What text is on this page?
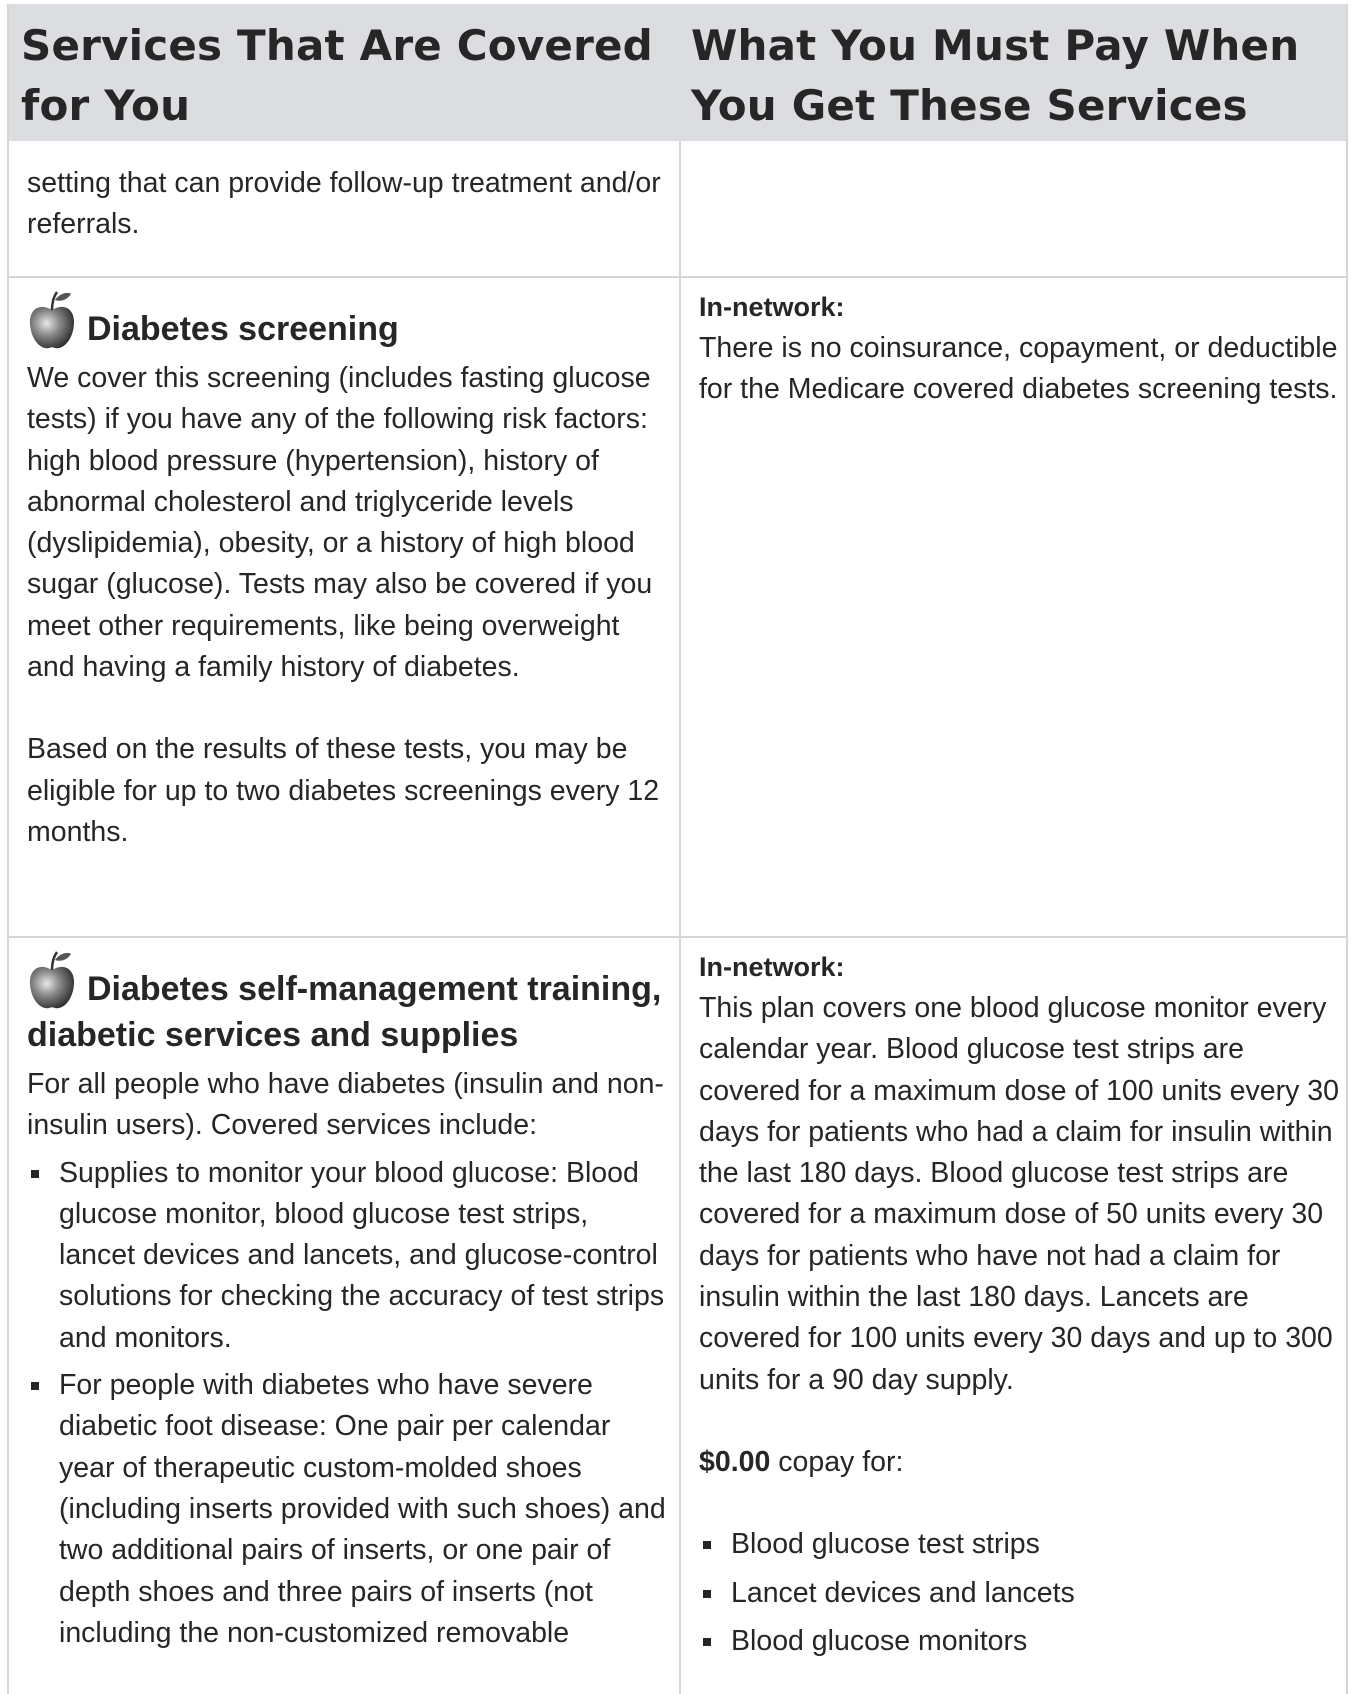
Services That Are Covered for You
What You Must Pay When You Get These Services

setting that can provide follow-up treatment and/or referrals.

Diabetes screening

We cover this screening (includes fasting glucose tests) if you have any of the following risk factors: high blood pressure (hypertension), history of abnormal cholesterol and triglyceride levels (dyslipidemia), obesity, or a history of high blood sugar (glucose). Tests may also be covered if you meet other requirements, like being overweight and having a family history of diabetes.

Based on the results of these tests, you may be eligible for up to two diabetes screenings every 12 months.

In-network:

There is no coinsurance, copayment, or deductible for the Medicare covered diabetes screening tests.

Diabetes self-management training, diabetic services and supplies

For all people who have diabetes (insulin and non-insulin users). Covered services include:

Supplies to monitor your blood glucose: Blood glucose monitor, blood glucose test strips, lancet devices and lancets, and glucose-control solutions for checking the accuracy of test strips and monitors.
For people with diabetes who have severe diabetic foot disease: One pair per calendar year of therapeutic custom-molded shoes (including inserts provided with such shoes) and two additional pairs of inserts, or one pair of depth shoes and three pairs of inserts (not including the non-customized removable

In-network:

This plan covers one blood glucose monitor every calendar year. Blood glucose test strips are covered for a maximum dose of 100 units every 30 days for patients who had a claim for insulin within the last 180 days. Blood glucose test strips are covered for a maximum dose of 50 units every 30 days for patients who have not had a claim for insulin within the last 180 days. Lancets are covered for 100 units every 30 days and up to 300 units for a 90 day supply.

$0.00 copay for:

Blood glucose test strips
Lancet devices and lancets
Blood glucose monitors
